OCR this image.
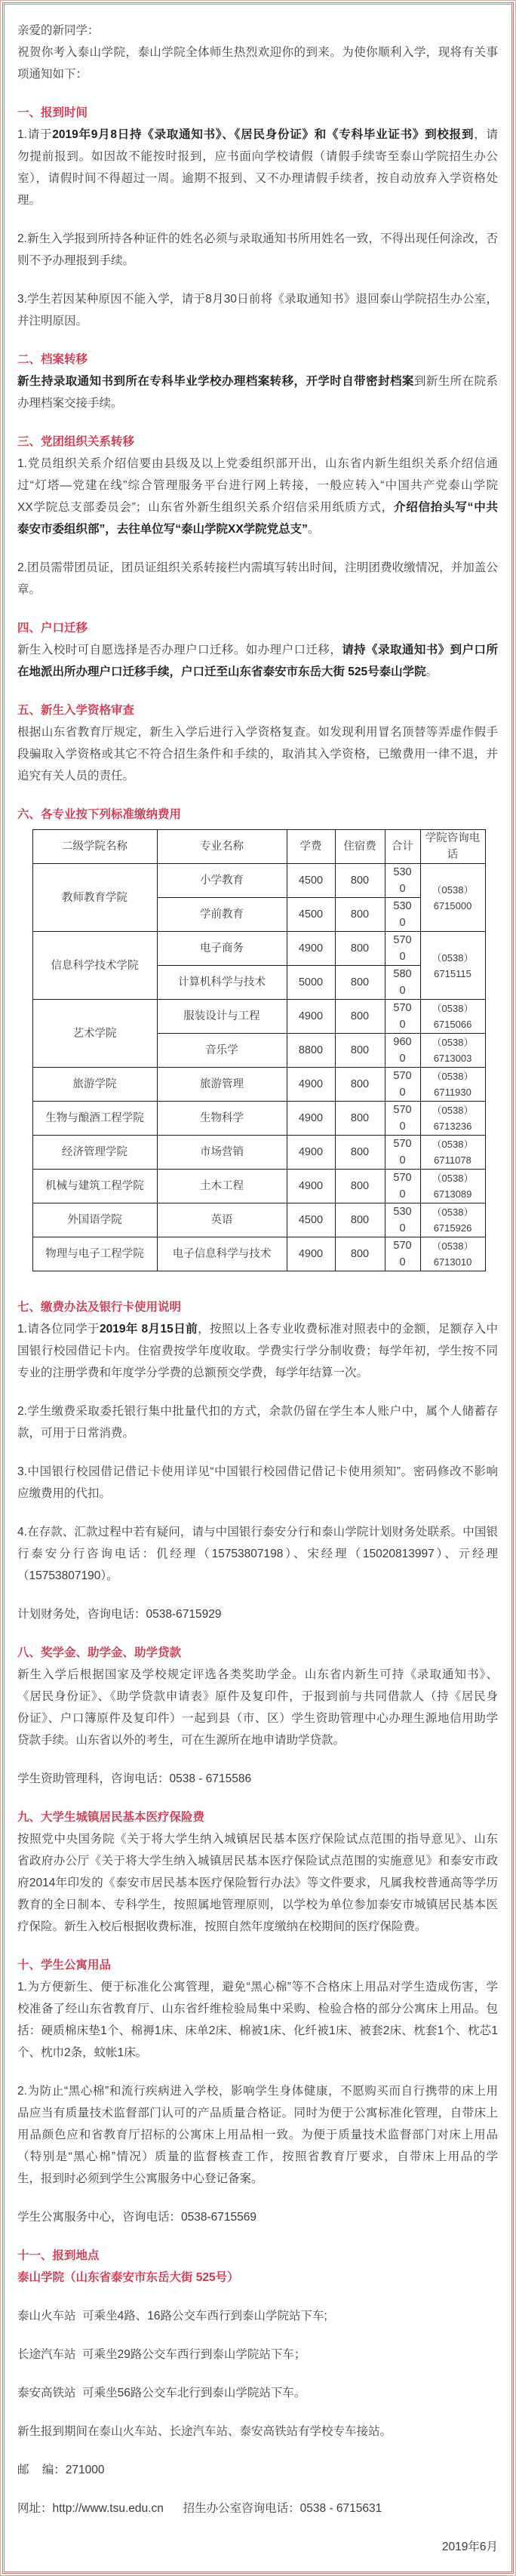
亲爱的新同学：
祝贺你考入泰山学院，泰山学院全体师生热烈欢迎你的到来。为使你顺利入学，现将有关事
项通知如下：
一、报到时间
1.请于2019年9月8日持《录取通知书》、《居民身份证》和《专科毕业证书》到校报到，请
勿提前报到。如因故不能按时报到，应书面向学校请假（请假手续寄至泰山学院招生办公
室），请假时间不得超过一周。逾期不报到、又不办理请假手续者，按自动放弃入学资格处
理。
2.新生入学报到所持各种证件的姓名必须与录取通知书所用姓名一致，不得出现任何涂改，否
则不予办理报到手续。
3.学生若因某种原因不能入学，请于8月30日前将《录取通知书》退回泰山学院招生办公室，
并注明原因。
二、档案转移
新生持录取通知书到所在专科毕业学校办理档案转移，开学时自带密封档案到新生所在院系
办理档案交接手续。
三、党团组织关系转移
1.党员组织关系介绍信要由县级及以上党委组织部开出，山东省内新生组织关系介绍信通
过“灯塔—党建在线”综合管理服务平台进行网上转接，一般应转入“中国共产党泰山学院
XX学院总支部委员会”；山东省外新生组织关系介绍信采用纸质方式，介绍信抬头写“中共
泰安市委组织部”，去往单位写“泰山学院XX学院党总支”。
2.团员需带团员证，团员证组织关系转接栏内需填写转出时间，注明团费收缴情况，并加盖公
章。
四、户口迁移
新生入校时可自愿选择是否办理户口迁移。如办理户口迁移，请持《录取通知书》到户口所
在地派出所办理户口迁移手续，户口迁至山东省泰安市东岳大街 525号泰山学院。
五、新生入学资格审查
根据山东省教育厅规定，新生入学后进行入学资格复查。如发现利用冒名顶替等弄虚作假手
段骗取入学资格或其它不符合招生条件和手续的，取消其入学资格，已缴费用一律不退，并
追究有关人员的责任。
六、各专业按下列标准缴纳费用
二级学院名称	专业名称	学费	住宿费	合计	学院咨询电话
教师教育学院	小学教育	4500	800	5300	（0538）
6715000

	学前教育	4500	800	5300	
信息科学技术学院	电子商务	4900	800	5700	（0538）
6715115

	计算机科学与技术	5000	800	5800	
艺术学院	服装设计与工程	4900	800	5700	（0538）
6715066

	音乐学	8800	800	9600	（0538）
6713003

旅游学院	旅游管理	4900	800	5700	（0538）
6711930

生物与酿酒工程学院	生物科学	4900	800	5700	（0538）
6713236

经济管理学院	市场营销	4900	800	5700	（0538）
6711078

机械与建筑工程学院	土木工程	4900	800	5700	（0538）
6713089

外国语学院	英语	4500	800	5300	（0538）
6715926

物理与电子工程学院	电子信息科学与技术	4900	800	5700	（0538）
6713010
七、缴费办法及银行卡使用说明
1.请各位同学于2019年 8月15日前，按照以上各专业收费标准对照表中的金额，足额存入中
国银行校园借记卡内。住宿费按学年度收取。学费实行学分制收费；每学年初，学生按不同
专业的注册学费和年度学分学费的总额预交学费，每学年结算一次。
2.学生缴费采取委托银行集中批量代扣的方式，余款仍留在学生本人账户中，属个人储蓄存
款，可用于日常消费。
3.中国银行校园借记借记卡使用详见“中国银行校园借记借记卡使用须知”。密码修改不影响
应缴费用的代扣。
4.在存款、汇款过程中若有疑问，请与中国银行泰安分行和泰山学院计划财务处联系。中国银
行泰安分行咨询电话：仉经理（15753807198）、宋经理（15020813997）、亓经理
（15753807190）。
计划财务处，咨询电话：0538-6715929
八、奖学金、助学金、助学贷款
新生入学后根据国家及学校规定评选各类奖助学金。山东省内新生可持《录取通知书》、
《居民身份证》、《助学贷款申请表》原件及复印件，于报到前与共同借款人（持《居民身
份证》、户口簿原件及复印件）一起到县（市、区）学生资助管理中心办理生源地信用助学
贷款手续。山东省以外的考生，可在生源所在地申请助学贷款。
学生资助管理科，咨询电话：0538 - 6715586
九、大学生城镇居民基本医疗保险费
按照党中央国务院《关于将大学生纳入城镇居民基本医疗保险试点范围的指导意见》、山东
省政府办公厅《关于将大学生纳入城镇居民基本医疗保险试点范围的实施意见》和泰安市政
府2014年印发的《泰安市居民基本医疗保险暂行办法》等文件要求，凡属我校普通高等学历
教育的全日制本、专科学生，按照属地管理原则，以学校为单位参加泰安市城镇居民基本医
疗保险。新生入校后根据收费标准，按照自然年度缴纳在校期间的医疗保险费。
十、学生公寓用品
1.为方便新生、便于标准化公寓管理，避免“黑心棉”等不合格床上用品对学生造成伤害，学
校准备了经山东省教育厅、山东省纤维检验局集中采购、检验合格的部分公寓床上用品。包
括：硬质棉床垫1个、棉褥1床、床单2床、棉被1床、化纤被1床、被套2床、枕套1个、枕芯1
个、枕巾2条，蚊帐1床。
2.为防止“黑心棉”和流行疾病进入学校，影响学生身体健康，不愿购买而自行携带的床上用
品应当有质量技术监督部门认可的产品质量合格证。同时为便于公寓标准化管理，自带床上
用品颜色应和省教育厅招标的公寓床上用品相一致。为便于质量技术监督部门对床上用品
（特别是“黑心棉”情况）质量的监督核查工作，按照省教育厅要求，自带床上用品的学
生，报到时必须到学生公寓服务中心登记备案。
学生公寓服务中心，咨询电话：0538-6715569
十一、报到地点
泰山学院（山东省泰安市东岳大街 525号）
泰山火车站  可乘坐4路、16路公交车西行到泰山学院站下车;
长途汽车站  可乘坐29路公交车西行到泰山学院站下车；
泰安高铁站  可乘坐56路公交车北行到泰山学院站下车。
新生报到期间在泰山火车站、长途汽车站、泰安高铁站有学校专车接站。
邮    编：271000
网址：http://www.tsu.edu.cn      招生办公室咨询电话：0538 - 6715631
2019年6月
